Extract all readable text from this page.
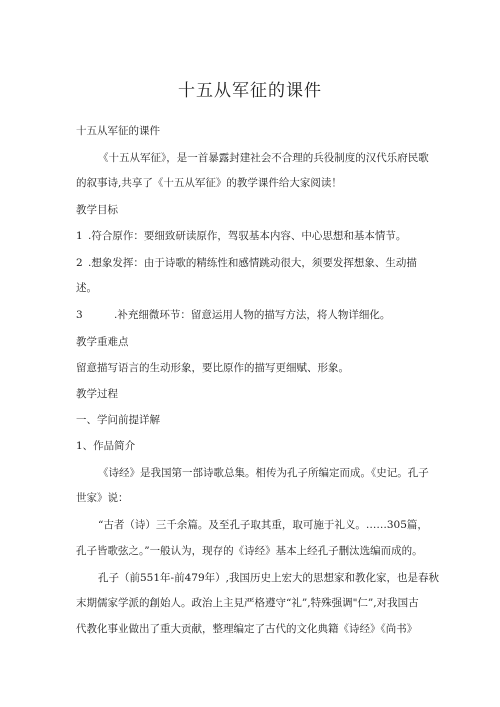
十五从军征的课件
十五从军征的课件
《十五从军征》，是一首暴露封建社会不合理的兵役制度的汉代乐府民歌
的叙事诗,共享了《十五从军征》的教学课件给大家阅读！
教学目标
1 .符合原作：要细致研读原作，驾驭基本内容、中心思想和基本情节。
2 .想象发挥：由于诗歌的精练性和感情跳动很大，须要发挥想象、生动描
述。
3	.补充细微环节：留意运用人物的描写方法，将人物详细化。
教学重难点
留意描写语言的生动形象，要比原作的描写更细赋、形象。
教学过程
一、学问前提详解
1、作品简介
《诗经》是我国第一部诗歌总集。相传为孔子所编定而成。《史记。孔子
世家》说：
“古者（诗）三千余篇。及至孔子取其重，取可施于礼义。……305篇，
孔子皆歌弦之。”一般认为，现存的《诗经》基本上经孔子删汰选编而成的。
孔子（前551年-前479年）,我国历史上宏大的思想家和教化家，也是春秋
末期儒家学派的創始人。政治上主見严格遵守“礼”,特殊强调"仁”,对我国古
代教化事业做出了重大贡献，整理编定了古代的文化典籍《诗经》《尚书》
